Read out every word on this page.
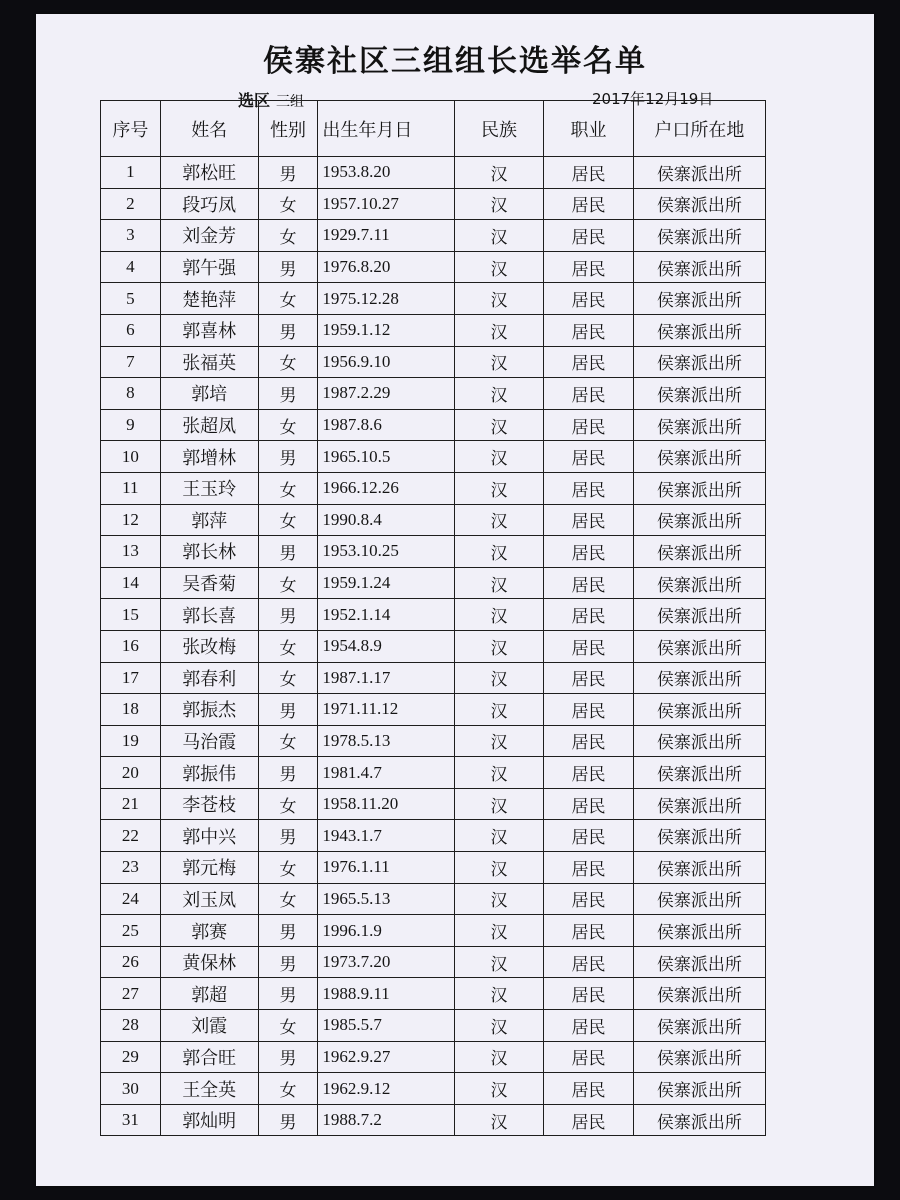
侯寨社区三组组长选举名单
选区 三组	2017年12月19日
序号	姓名	性别	出生年月日	民族	职业	户口所在地
1	郭松旺	男	1953.8.20	汉	居民	侯寨派出所
2	段巧凤	女	1957.10.27	汉	居民	侯寨派出所
3	刘金芳	女	1929.7.11	汉	居民	侯寨派出所
4	郭午强	男	1976.8.20	汉	居民	侯寨派出所
5	楚艳萍	女	1975.12.28	汉	居民	侯寨派出所
6	郭喜林	男	1959.1.12	汉	居民	侯寨派出所
7	张福英	女	1956.9.10	汉	居民	侯寨派出所
8	郭培	男	1987.2.29	汉	居民	侯寨派出所
9	张超凤	女	1987.8.6	汉	居民	侯寨派出所
10	郭增林	男	1965.10.5	汉	居民	侯寨派出所
11	王玉玲	女	1966.12.26	汉	居民	侯寨派出所
12	郭萍	女	1990.8.4	汉	居民	侯寨派出所
13	郭长林	男	1953.10.25	汉	居民	侯寨派出所
14	吴香菊	女	1959.1.24	汉	居民	侯寨派出所
15	郭长喜	男	1952.1.14	汉	居民	侯寨派出所
16	张改梅	女	1954.8.9	汉	居民	侯寨派出所
17	郭春利	女	1987.1.17	汉	居民	侯寨派出所
18	郭振杰	男	1971.11.12	汉	居民	侯寨派出所
19	马治霞	女	1978.5.13	汉	居民	侯寨派出所
20	郭振伟	男	1981.4.7	汉	居民	侯寨派出所
21	李苍枝	女	1958.11.20	汉	居民	侯寨派出所
22	郭中兴	男	1943.1.7	汉	居民	侯寨派出所
23	郭元梅	女	1976.1.11	汉	居民	侯寨派出所
24	刘玉凤	女	1965.5.13	汉	居民	侯寨派出所
25	郭赛	男	1996.1.9	汉	居民	侯寨派出所
26	黄保林	男	1973.7.20	汉	居民	侯寨派出所
27	郭超	男	1988.9.11	汉	居民	侯寨派出所
28	刘霞	女	1985.5.7	汉	居民	侯寨派出所
29	郭合旺	男	1962.9.27	汉	居民	侯寨派出所
30	王全英	女	1962.9.12	汉	居民	侯寨派出所
31	郭灿明	男	1988.7.2	汉	居民	侯寨派出所
